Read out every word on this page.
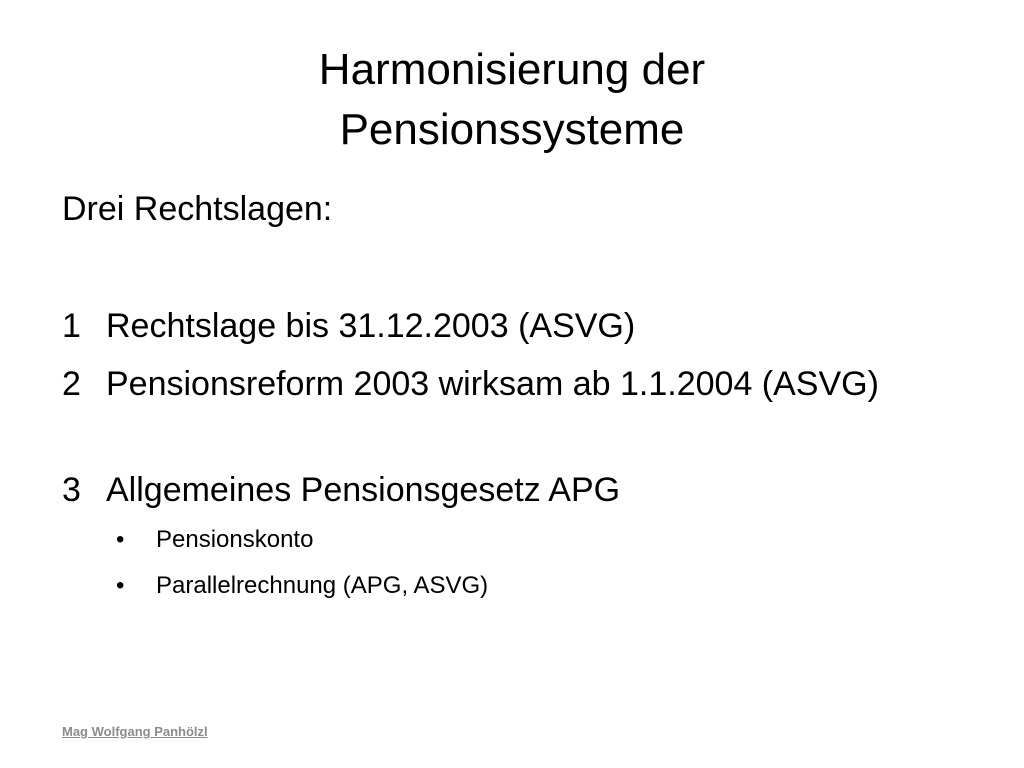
Harmonisierung der
Pensionssysteme

Drei Rechtslagen:

1 Rechtslage bis 31.12.2003 (ASVG)
2 Pensionsreform 2003 wirksam ab 1.1.2004 (ASVG)
3 Allgemeines Pensionsgesetz APG
• Pensionskonto
• Parallelrechnung (APG, ASVG)
Mag Wolfgang Panhölzl
